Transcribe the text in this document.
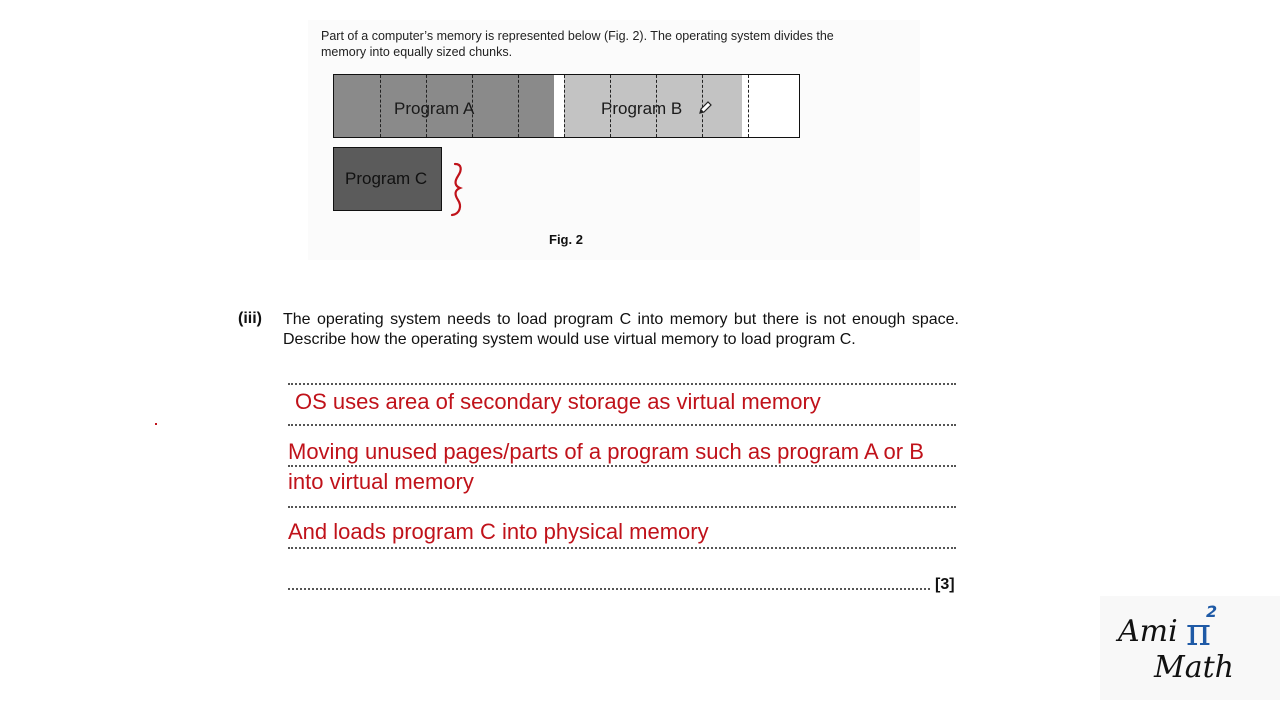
Part of a computer’s memory is represented below (Fig. 2). The operating system divides the
memory into equally sized chunks.
Program A	Program B
Program C
Fig. 2
(iii) The operating system needs to load program C into memory but there is not enough space. Describe how the operating system would use virtual memory to load program C.
OS uses area of secondary storage as virtual memory
Moving unused pages/parts of a program such as program A or B
into virtual memory
And loads program C into physical memory
[3]
Ami π
2
Math
